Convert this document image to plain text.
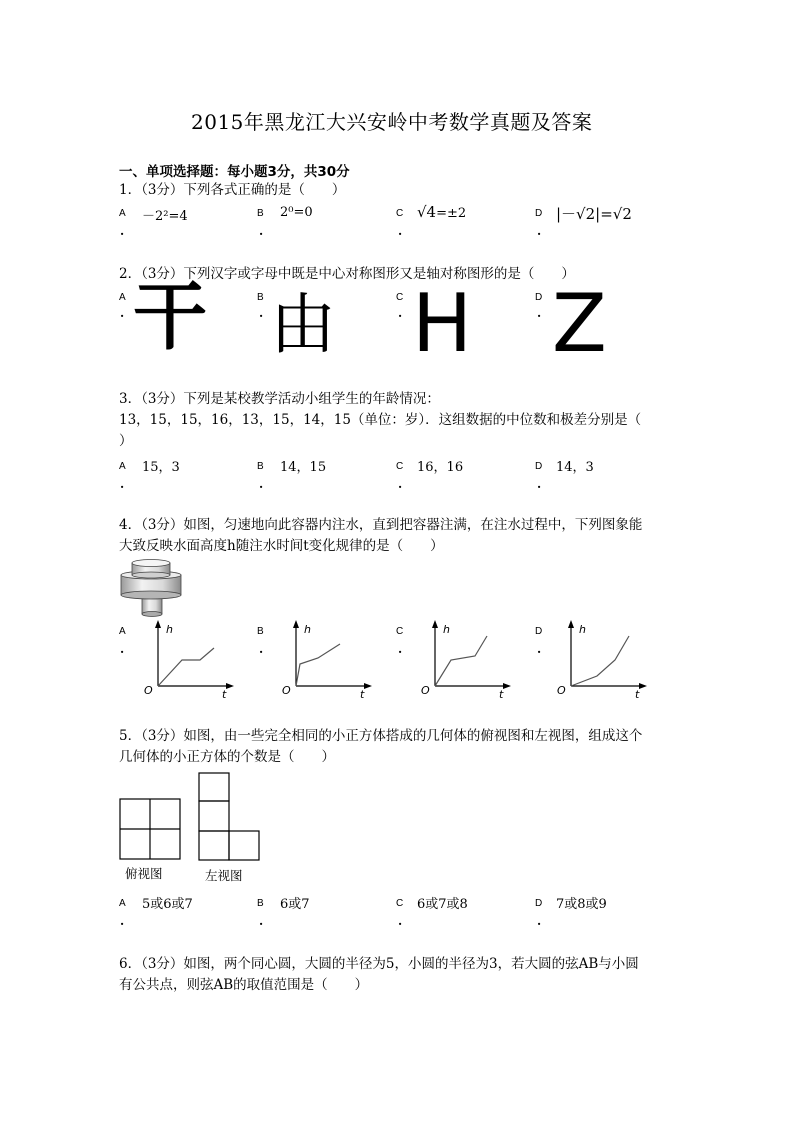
2015年黑龙江大兴安岭中考数学真题及答案
一、单项选择题：每小题3分，共30分
1．（3分）下列各式正确的是（　　）
A
.
－2²=4	B
.
2⁰=0	C
.
√4=±2	D
.
|－√2|=√2
2．（3分）下列汉字或字母中既是中心对称图形又是轴对称图形的是（　　）
A
. 干	B
. 由	C
. H	D
. Z
3．（3分）下列是某校教学活动小组学生的年龄情况：
13，15，15，16，13，15，14，15（单位：岁）．这组数据的中位数和极差分别是（
）
A
.
15，3	B
.
14，15	C
.
16，16	D
.
14，3
4．（3分）如图，匀速地向此容器内注水，直到把容器注满，在注水过程中，下列图象能
大致反映水面高度h随注水时间t变化规律的是（　　）
A
.
B
.
C
.
D
.
h
t
O
h
t
O
h
t
O
h
t
O
5．（3分）如图，由一些完全相同的小正方体搭成的几何体的俯视图和左视图，组成这个
几何体的小正方体的个数是（　　）
俯视图	左视图
A
.
5或6或7	B
.
6或7	C
.
6或7或8	D
.
7或8或9
6．（3分）如图，两个同心圆，大圆的半径为5，小圆的半径为3，若大圆的弦AB与小圆
有公共点，则弦AB的取值范围是（　　）
